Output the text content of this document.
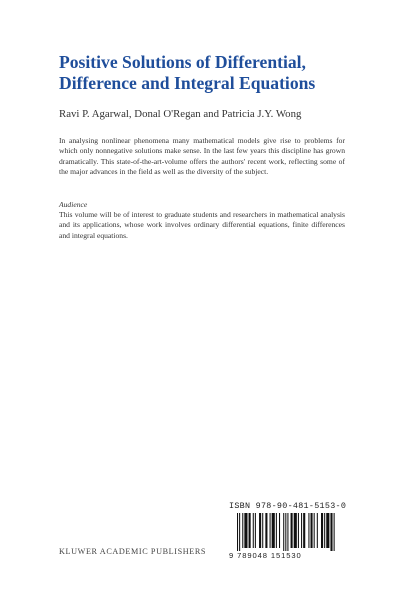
Positive Solutions of Differential, Difference and Integral Equations
Ravi P. Agarwal, Donal O'Regan and Patricia J.Y. Wong

In analysing nonlinear phenomena many mathematical models give rise to problems for which only nonnegative solutions make sense. In the last few years this discipline has grown dramatically. This state-of-the-art-volume offers the authors' recent work, reflecting some of the major advances in the field as well as the diversity of the subject.

Audience

This volume will be of interest to graduate students and researchers in mathematical analysis and its applications, whose work involves ordinary differential equations, finite differences and integral equations.

ISBN 978-90-481-5153-0
9 789048 151530
KLUWER ACADEMIC PUBLISHERS
